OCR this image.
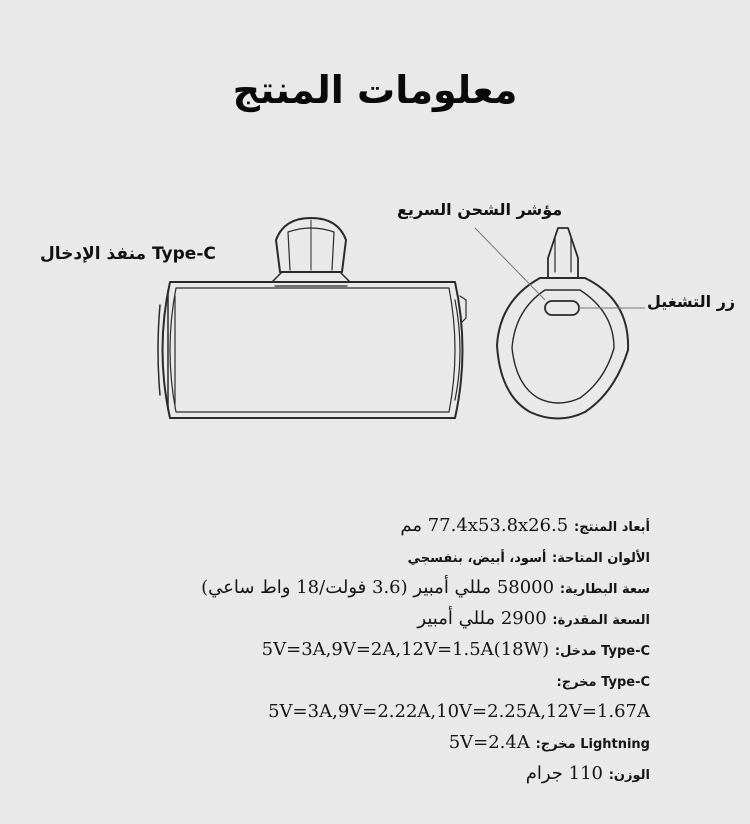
معلومات المنتج
منفذ الإدخال Type-C
مؤشر الشحن السريع
زر التشغيل
أبعاد المنتج: 77.4x53.8x26.5 مم
الألوان المتاحة: أسود، أبيض، بنفسجي
سعة البطارية: 58000 مللي أمبير (3.6 فولت/18 واط ساعي)
السعة المقدرة: 2900 مللي أمبير
Type-C مدخل: (5V=3A,9V=2A,12V=1.5A(18W
Type-C مخرج:
5V=3A,9V=2.22A,10V=2.25A,12V=1.67A
Lightning مخرج: 5V=2.4A
الوزن: 110 جرام
